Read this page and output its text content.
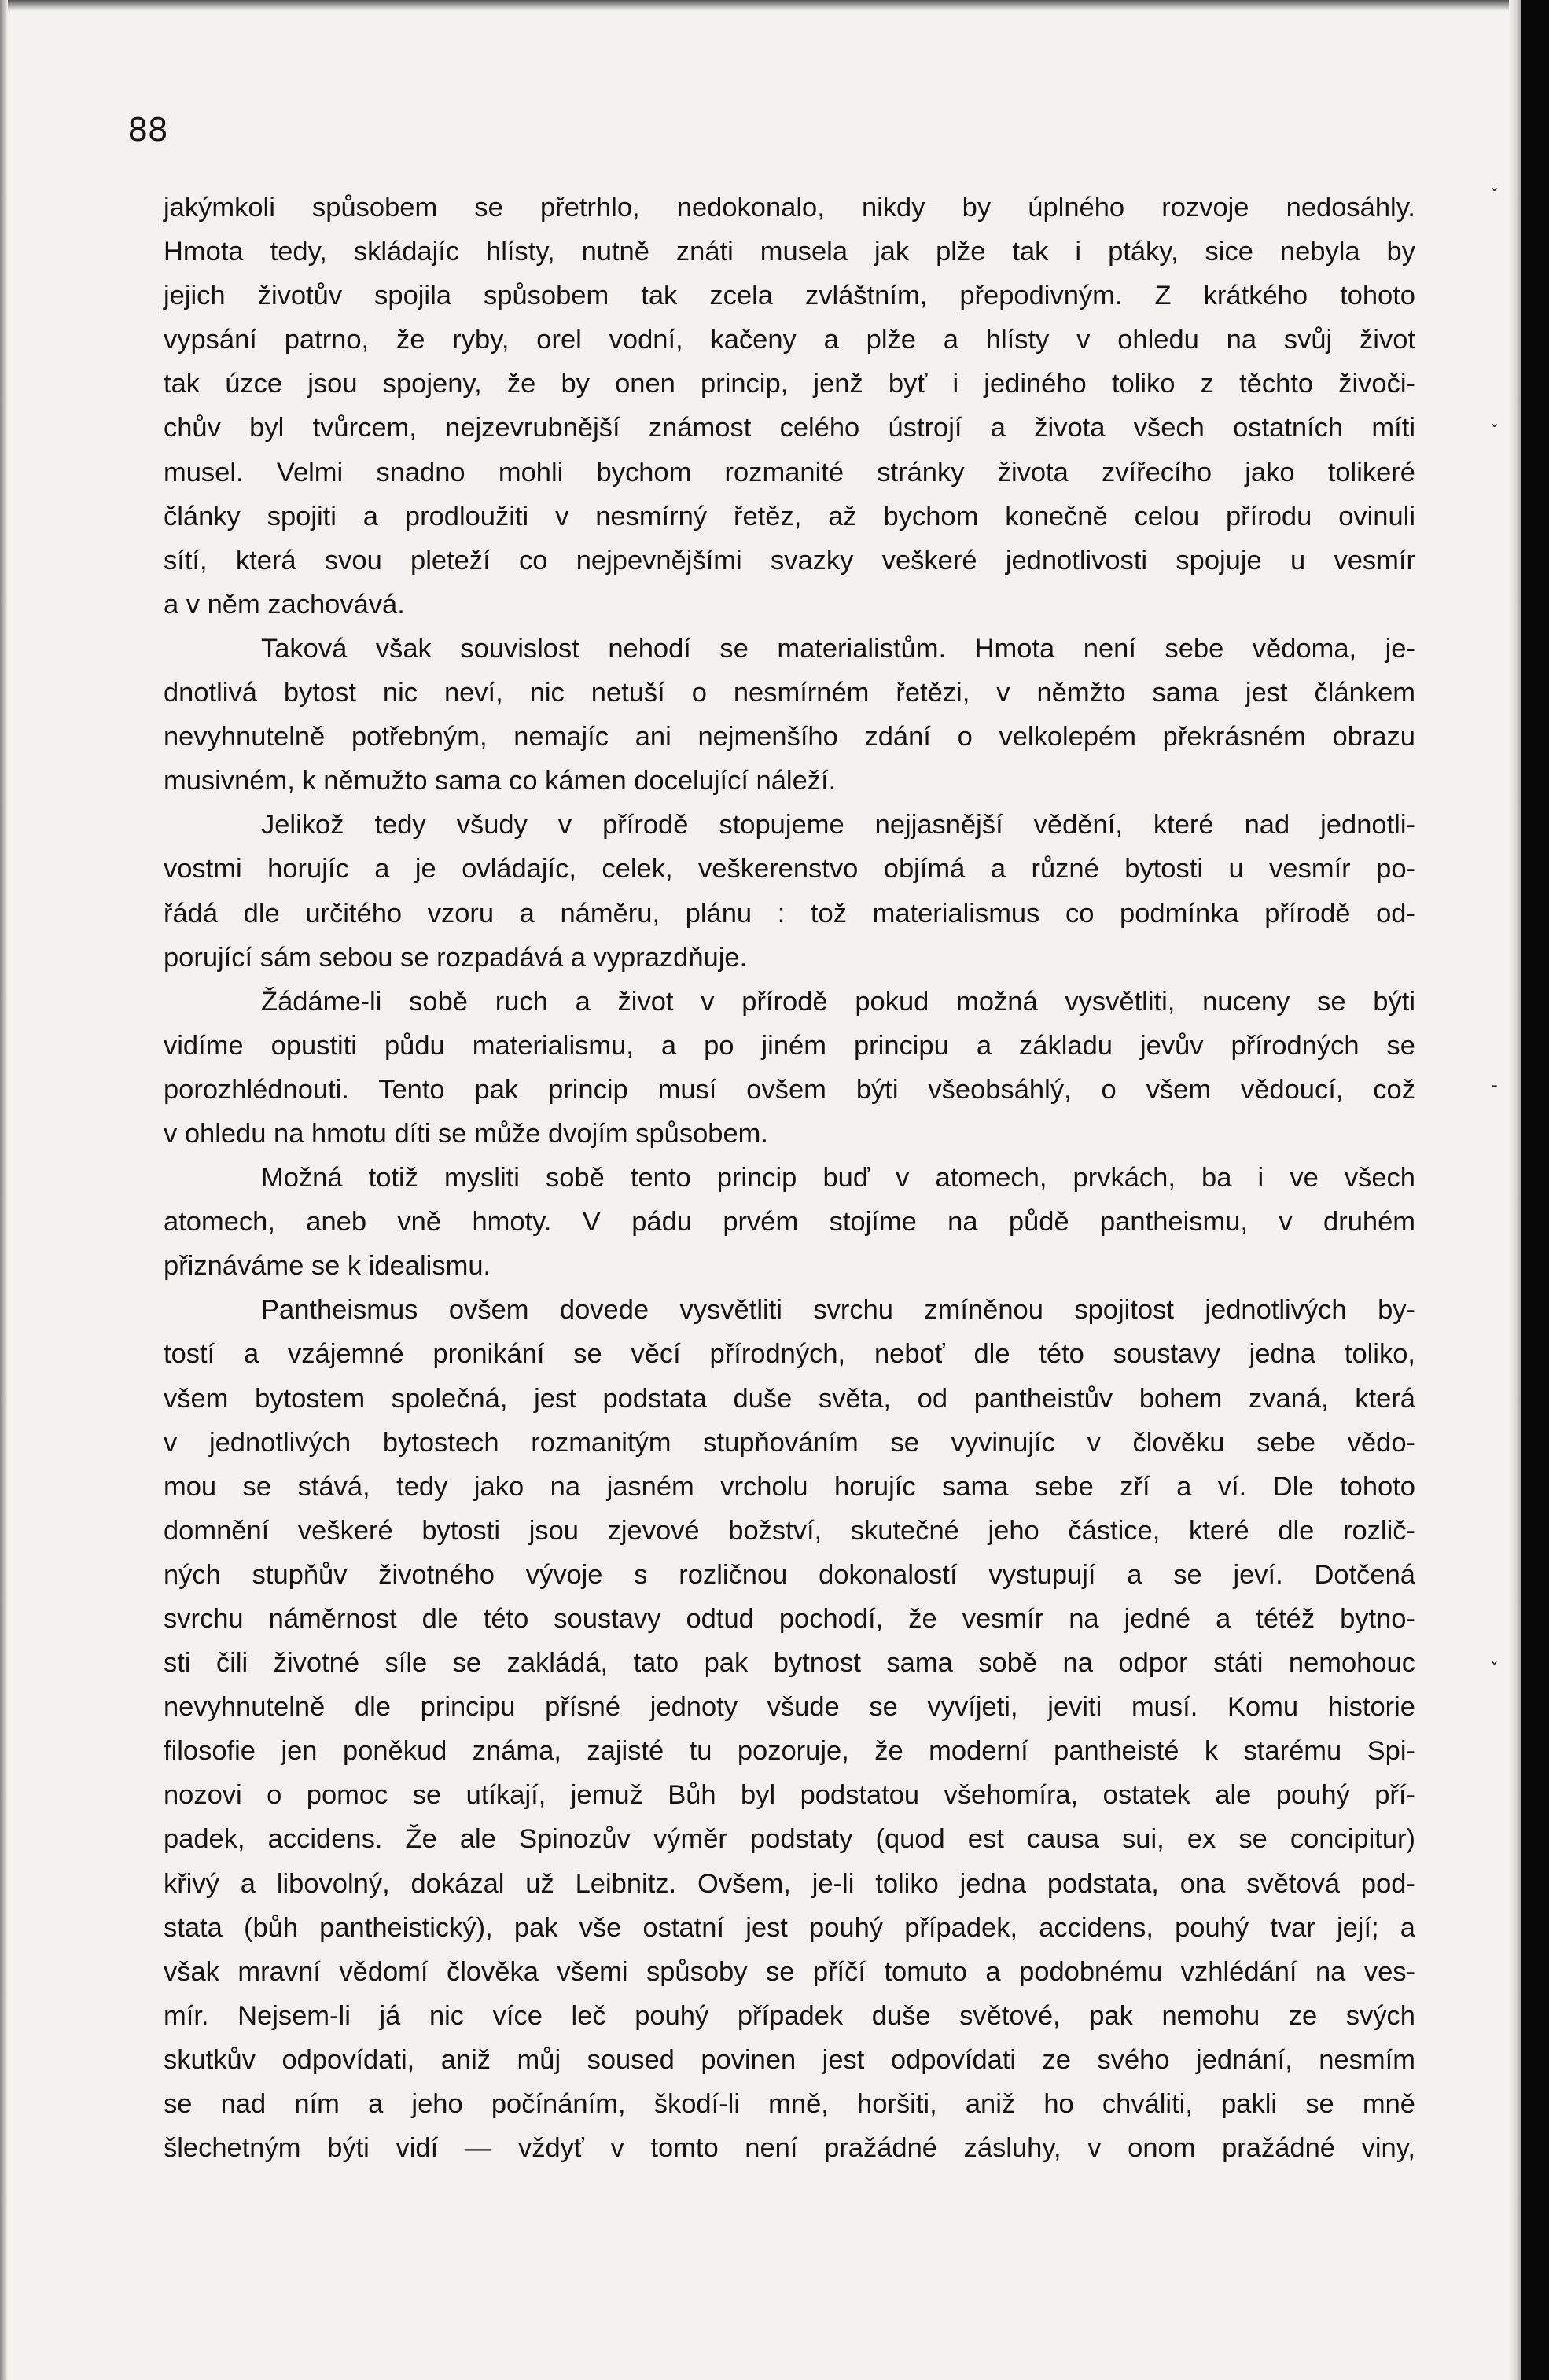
88
jakýmkoli spůsobem se přetrhlo, nedokonalo, nikdy by úplného rozvoje nedosáhly.
Hmota tedy, skládajíc hlísty, nutně znáti musela jak plže tak i ptáky, sice nebyla by
jejich životův spojila spůsobem tak zcela zvláštním, přepodivným. Z krátkého tohoto
vypsání patrno, že ryby, orel vodní, kačeny a plže a hlísty v ohledu na svůj život
tak úzce jsou spojeny, že by onen princip, jenž byť i jediného toliko z těchto živoči-
chův byl tvůrcem, nejzevrubnější známost celého ústrojí a života všech ostatních míti
musel. Velmi snadno mohli bychom rozmanité stránky života zvířecího jako tolikeré
články spojiti a prodloužiti v nesmírný řetěz, až bychom konečně celou přírodu ovinuli
sítí, která svou pleteží co nejpevnějšími svazky veškeré jednotlivosti spojuje u vesmír
a v něm zachovává.
Taková však souvislost nehodí se materialistům. Hmota není sebe vědoma, je-
dnotlivá bytost nic neví, nic netuší o nesmírném řetězi, v němžto sama jest článkem
nevyhnutelně potřebným, nemajíc ani nejmenšího zdání o velkolepém překrásném obrazu
musivném, k němužto sama co kámen docelující náleží.
Jelikož tedy všudy v přírodě stopujeme nejjasnější vědění, které nad jednotli-
vostmi horujíc a je ovládajíc, celek, veškerenstvo objímá a různé bytosti u vesmír po-
řádá dle určitého vzoru a náměru, plánu : tož materialismus co podmínka přírodě od-
porující sám sebou se rozpadává a vyprazdňuje.
Žádáme-li sobě ruch a život v přírodě pokud možná vysvětliti, nuceny se býti
vidíme opustiti půdu materialismu, a po jiném principu a základu jevův přírodných se
porozhlédnouti. Tento pak princip musí ovšem býti všeobsáhlý, o všem vědoucí, což
v ohledu na hmotu díti se může dvojím spůsobem.
Možná totiž mysliti sobě tento princip buď v atomech, prvkách, ba i ve všech
atomech, aneb vně hmoty. V pádu prvém stojíme na půdě pantheismu, v druhém
přiznáváme se k idealismu.
Pantheismus ovšem dovede vysvětliti svrchu zmíněnou spojitost jednotlivých by-
tostí a vzájemné pronikání se věcí přírodných, neboť dle této soustavy jedna toliko,
všem bytostem společná, jest podstata duše světa, od pantheistův bohem zvaná, která
v jednotlivých bytostech rozmanitým stupňováním se vyvinujíc v člověku sebe vědo-
mou se stává, tedy jako na jasném vrcholu horujíc sama sebe zří a ví. Dle tohoto
domnění veškeré bytosti jsou zjevové božství, skutečné jeho částice, které dle rozlič-
ných stupňův životného vývoje s rozličnou dokonalostí vystupují a se jeví. Dotčená
svrchu náměrnost dle této soustavy odtud pochodí, že vesmír na jedné a tétéž bytno-
sti čili životné síle se zakládá, tato pak bytnost sama sobě na odpor státi nemohouc
nevyhnutelně dle principu přísné jednoty všude se vyvíjeti, jeviti musí. Komu historie
filosofie jen poněkud známa, zajisté tu pozoruje, že moderní pantheisté k starému Spi-
nozovi o pomoc se utíkají, jemuž Bůh byl podstatou všehomíra, ostatek ale pouhý pří-
padek, accidens. Že ale Spinozův výměr podstaty (quod est causa sui, ex se concipitur)
křivý a libovolný, dokázal už Leibnitz. Ovšem, je-li toliko jedna podstata, ona světová pod-
stata (bůh pantheistický), pak vše ostatní jest pouhý případek, accidens, pouhý tvar její; a
však mravní vědomí člověka všemi spůsoby se příčí tomuto a podobnému vzhlédání na ves-
mír. Nejsem-li já nic více leč pouhý případek duše světové, pak nemohu ze svých
skutkův odpovídati, aniž můj soused povinen jest odpovídati ze svého jednání, nesmím
se nad ním a jeho počínáním, škodí-li mně, horšiti, aniž ho chváliti, pakli se mně
šlechetným býti vidí — vždyť v tomto není pražádné zásluhy, v onom pražádné viny,
ˇ
ˇ
ˉ
ˇ
